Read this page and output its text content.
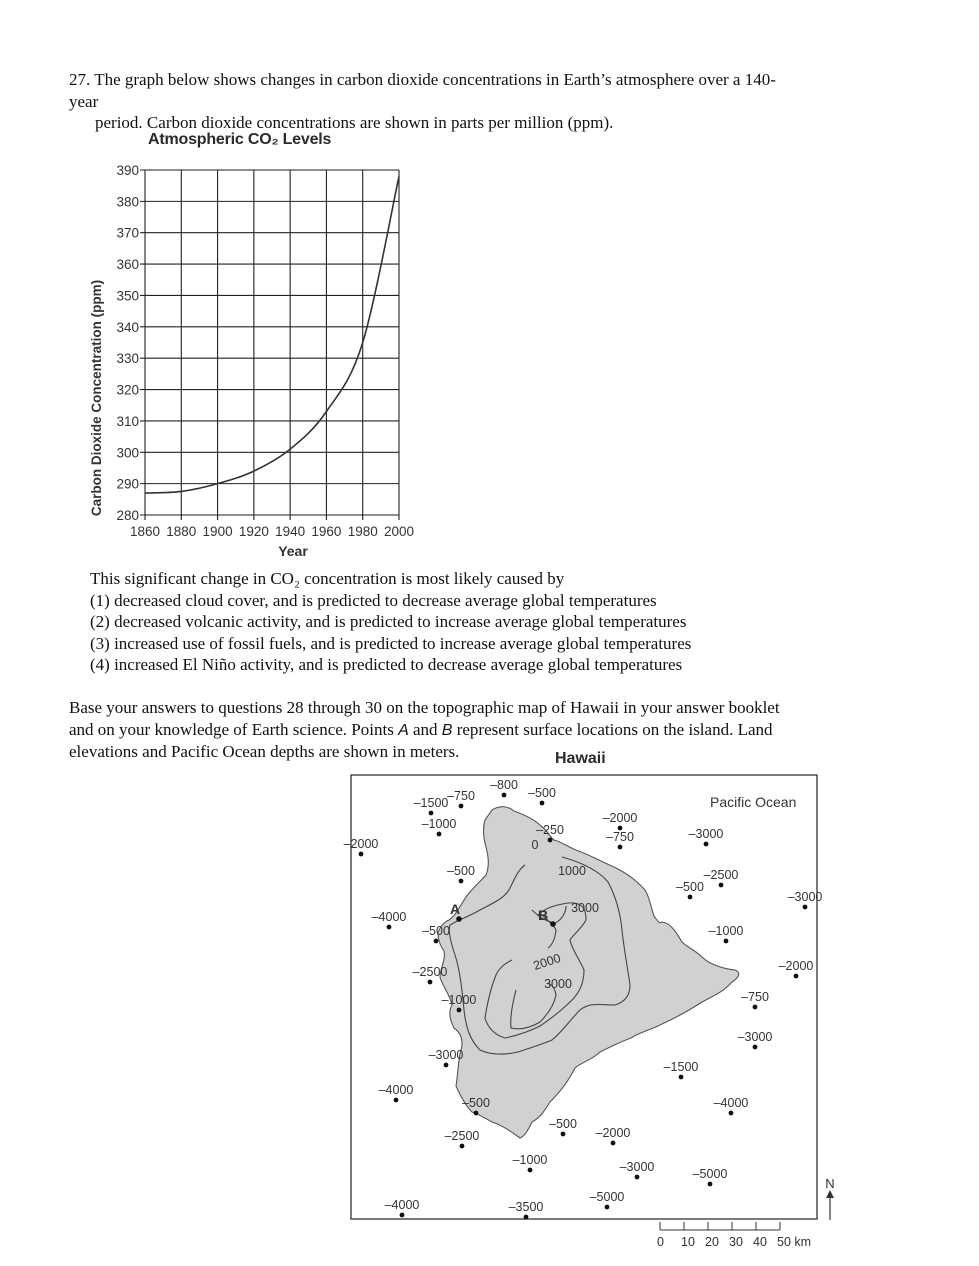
27. The graph below shows changes in carbon dioxide concentrations in Earth’s atmosphere over a 140-
year

period. Carbon dioxide concentrations are shown in parts per million (ppm).
Atmospheric CO₂ Levels
280
290
300
310
320
330
340
350
360
370
380
390
1860 1880 1900 1920 1940 1960 1980 2000
Carbon Dioxide Concentration (ppm)
Year
This significant change in CO₂ concentration is most likely caused by
(1) decreased cloud cover, and is predicted to decrease average global temperatures
(2) decreased volcanic activity, and is predicted to increase average global temperatures
(3) increased use of fossil fuels, and is predicted to increase average global temperatures
(4) increased El Niño activity, and is predicted to decrease average global temperatures
Base your answers to questions 28 through 30 on the topographic map of Hawaii in your answer booklet
and on your knowledge of Earth science. Points A and B represent surface locations on the island. Land
elevations and Pacific Ocean depths are shown in meters.	Hawaii
0
1000
2000
3000
3000
A	B
Pacific Ocean
–1500
–750
–800
–500
–1000
–2000
–250
–2000
–750	–3000
–500
–500
–2500
–3000
–4000
–500	–1000
–2000
–2500
–1000	–750
–3000
–3000
–1500
–4000
–500	–4000
–500
–2000
–2500
–1000	–3000	–5000
–5000
–4000	–3500
0 10 20 30 40 50 km
N
